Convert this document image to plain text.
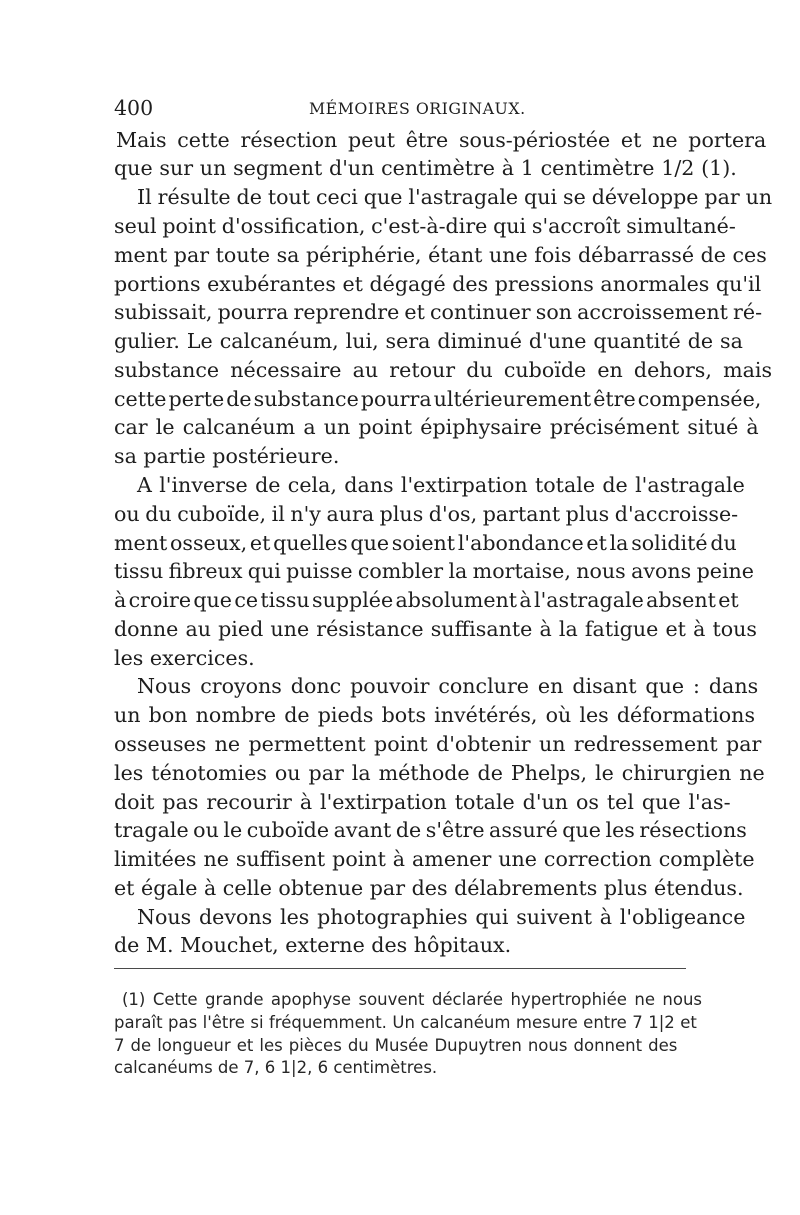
400	MÉMOIRES ORIGINAUX.
Mais cette résection peut être sous-périostée et ne portera
que sur un segment d'un centimètre à 1 centimètre 1/2 (1).
Il résulte de tout ceci que l'astragale qui se développe par un
seul point d'ossification, c'est-à-dire qui s'accroît simultané-
ment par toute sa périphérie, étant une fois débarrassé de ces
portions exubérantes et dégagé des pressions anormales qu'il
subissait, pourra reprendre et continuer son accroissement ré-
gulier. Le calcanéum, lui, sera diminué d'une quantité de sa
substance nécessaire au retour du cuboïde en dehors, mais
cette perte de substance pourra ultérieurement être compensée,
car le calcanéum a un point épiphysaire précisément situé à
sa partie postérieure.
A l'inverse de cela, dans l'extirpation totale de l'astragale
ou du cuboïde, il n'y aura plus d'os, partant plus d'accroisse-
ment osseux, et quelles que soient l'abondance et la solidité du
tissu fibreux qui puisse combler la mortaise, nous avons peine
à croire que ce tissu supplée absolument à l'astragale absent et
donne au pied une résistance suffisante à la fatigue et à tous
les exercices.
Nous croyons donc pouvoir conclure en disant que : dans
un bon nombre de pieds bots invétérés, où les déformations
osseuses ne permettent point d'obtenir un redressement par
les ténotomies ou par la méthode de Phelps, le chirurgien ne
doit pas recourir à l'extirpation totale d'un os tel que l'as-
tragale ou le cuboïde avant de s'être assuré que les résections
limitées ne suffisent point à amener une correction complète
et égale à celle obtenue par des délabrements plus étendus.
Nous devons les photographies qui suivent à l'obligeance
de M. Mouchet, externe des hôpitaux.
(1) Cette grande apophyse souvent déclarée hypertrophiée ne nous
paraît pas l'être si fréquemment. Un calcanéum mesure entre 7 1|2 et
7 de longueur et les pièces du Musée Dupuytren nous donnent des
calcanéums de 7, 6 1|2, 6 centimètres.
